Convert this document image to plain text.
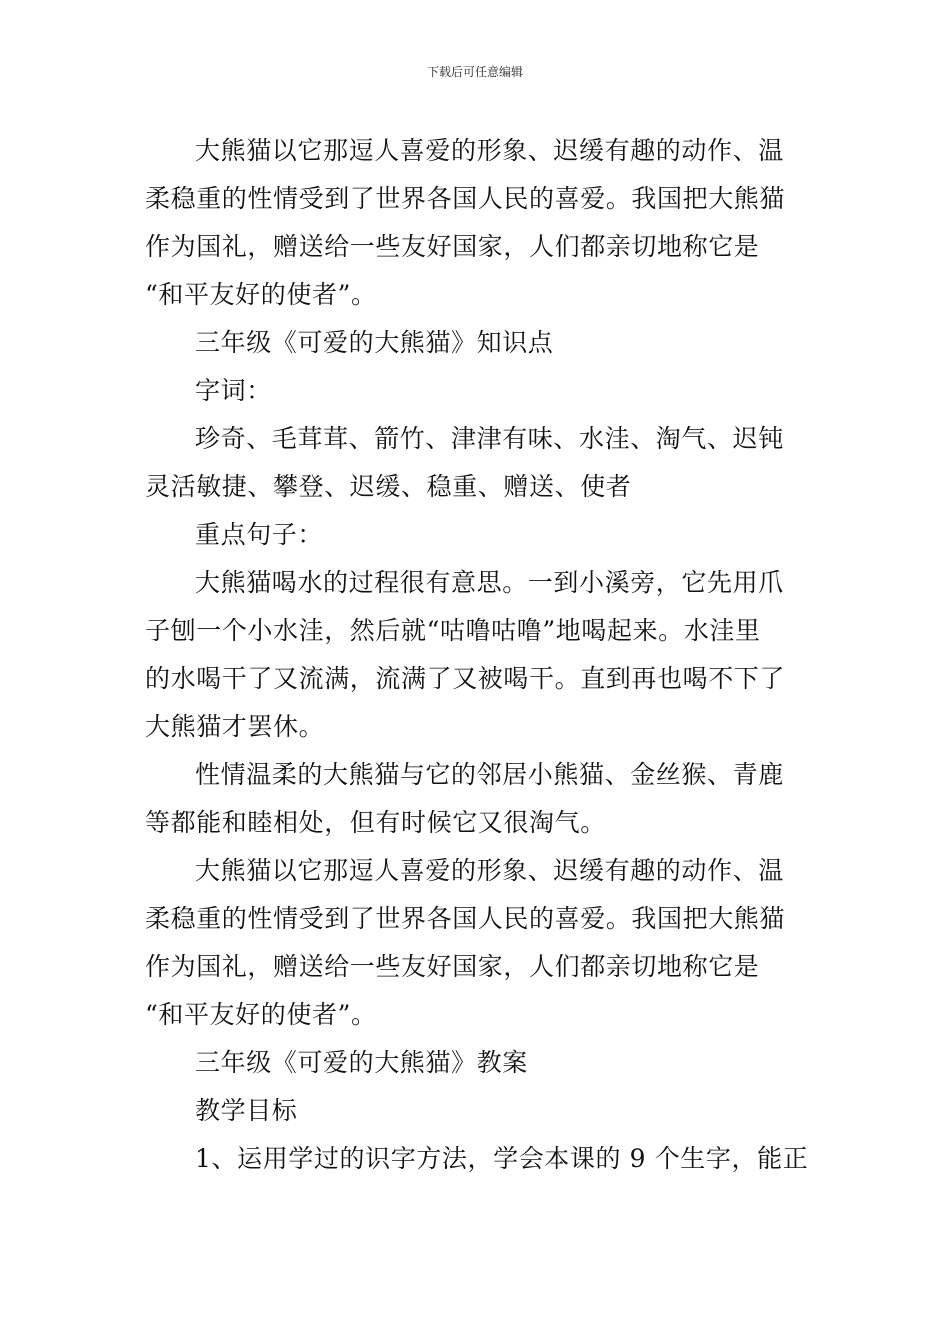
下载后可任意编辑

大熊猫以它那逗人喜爱的形象、迟缓有趣的动作、温
柔稳重的性情受到了世界各国人民的喜爱。我国把大熊猫
作为国礼，赠送给一些友好国家，人们都亲切地称它是
“和平友好的使者”。

三年级《可爱的大熊猫》知识点

字词：

珍奇、毛茸茸、箭竹、津津有味、水洼、淘气、迟钝
灵活敏捷、攀登、迟缓、稳重、赠送、使者

重点句子：

大熊猫喝水的过程很有意思。一到小溪旁，它先用爪
子刨一个小水洼，然后就“咕噜咕噜”地喝起来。水洼里
的水喝干了又流满，流满了又被喝干。直到再也喝不下了
大熊猫才罢休。

性情温柔的大熊猫与它的邻居小熊猫、金丝猴、青鹿
等都能和睦相处，但有时候它又很淘气。

大熊猫以它那逗人喜爱的形象、迟缓有趣的动作、温
柔稳重的性情受到了世界各国人民的喜爱。我国把大熊猫
作为国礼，赠送给一些友好国家，人们都亲切地称它是
“和平友好的使者”。

三年级《可爱的大熊猫》教案

教学目标

1、运用学过的识字方法，学会本课的 9 个生字，能正
